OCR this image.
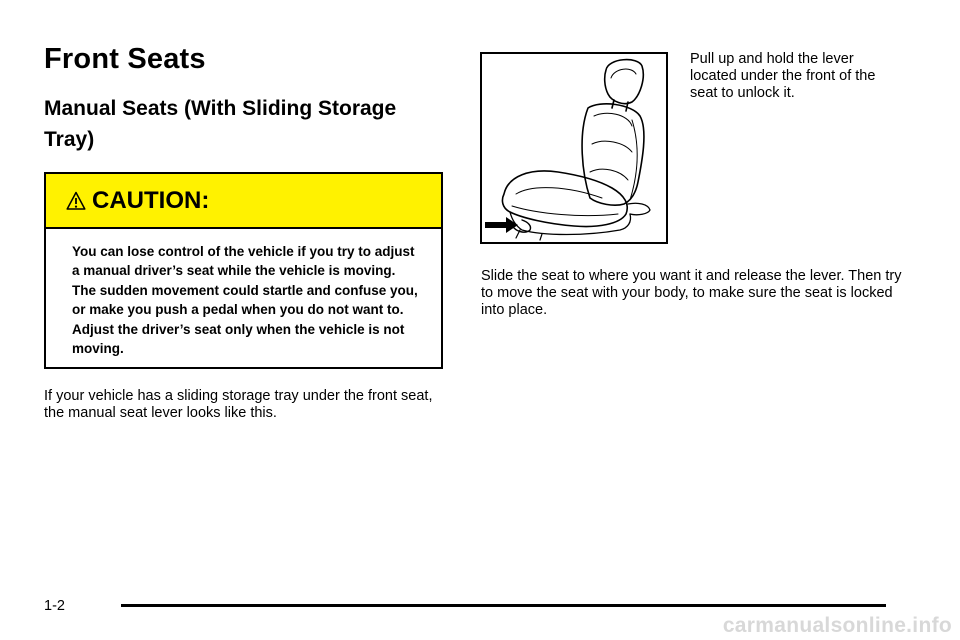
Front Seats
Manual Seats (With Sliding Storage Tray)
CAUTION:
You can lose control of the vehicle if you try to adjust a manual driver’s seat while the vehicle is moving. The sudden movement could startle and confuse you, or make you push a pedal when you do not want to. Adjust the driver’s seat only when the vehicle is not moving.

If your vehicle has a sliding storage tray under the front seat, the manual seat lever looks like this.

Pull up and hold the lever located under the front of the seat to unlock it.

Slide the seat to where you want it and release the lever. Then try to move the seat with your body, to make sure the seat is locked into place.

1-2
carmanualsonline.info
